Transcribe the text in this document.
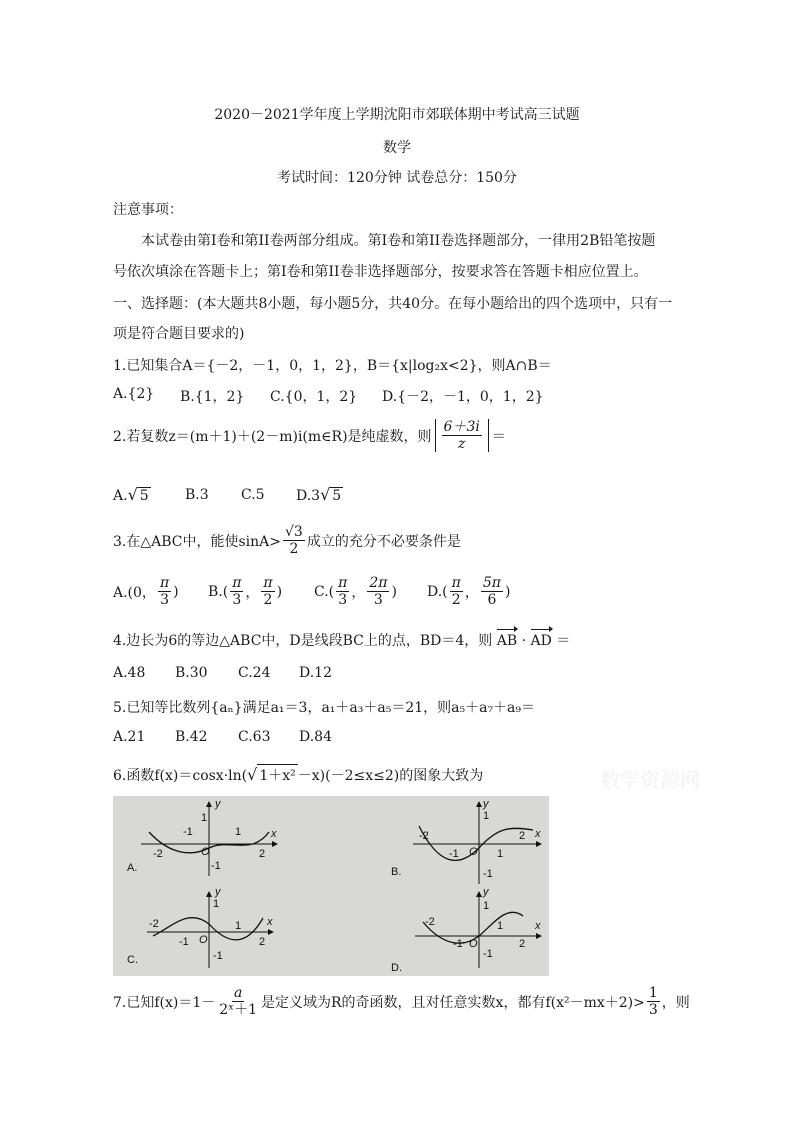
2020－2021学年度上学期沈阳市郊联体期中考试高三试题
数学
考试时间：120分钟 试卷总分：150分
注意事项：
本试卷由第I卷和第II卷两部分组成。第I卷和第II卷选择题部分，一律用2B铅笔按题
号依次填涂在答题卡上；第I卷和第II卷非选择题部分，按要求答在答题卡相应位置上。
一、选择题：(本大题共8小题，每小题5分，共40分。在每小题给出的四个选项中，只有一
项是符合题目要求的)
1.已知集合A＝{－2，－1，0，1，2}，B＝{x|log₂x<2}，则A∩B＝
A.{2} B.{1，2} C.{0，1，2} D.{－2，－1，0，1，2}
2.若复数z＝(m＋1)＋(2－m)i(m∈R)是纯虚数，则 $\frac{6+3i}{z}$ ＝
A.√ 5	B.3 C.5 D.3√ 5
3.在△ABC中，能使$\sin A> \frac{√3}{2}$ 成立的充分不必要条件是
A.(0， $\frac{\pi}{3}$ ) $B.( \frac{\pi}{3}$ ， $\frac{\pi}{2}$ ) $C.( \frac{\pi}{3}$ ， $\frac{2\pi}{3}$ ) $D.( \frac{\pi}{2}$ ， $\frac{5\pi}{6}$ )
4.边长为6的等边△ABC中，D是线段BC上的点，BD＝4，则 AB · AD ＝
A.48 B.30 C.24 D.12
5.已知等比数列{aₙ}满足a₁＝3，a₁＋a₃＋a₅＝21，则a₅＋a₇＋a₉＝
A.21 B.42 C.63 D.84
6.函数f(x)＝cosx·ln( √ 1＋x² －x)(－2≤x≤2)的图象大致为	数学资源网
A.
y
x
1
-1
-2
-1	1
2
O
B.
y
x
1
-1
-2
-1	1
2
O
C.
y
x
1
-1
-2
-1
1
2
O
D.
y
x
1
-1
-2
-1
1
2
O
7.已知$f(x)=1- \frac{a}{\text{2ˣ＋1}}$ 是定义域为R的奇函数，且对任意实数x，都有$f(x^2-mx+2)> \frac{1}{3}$ ，则
